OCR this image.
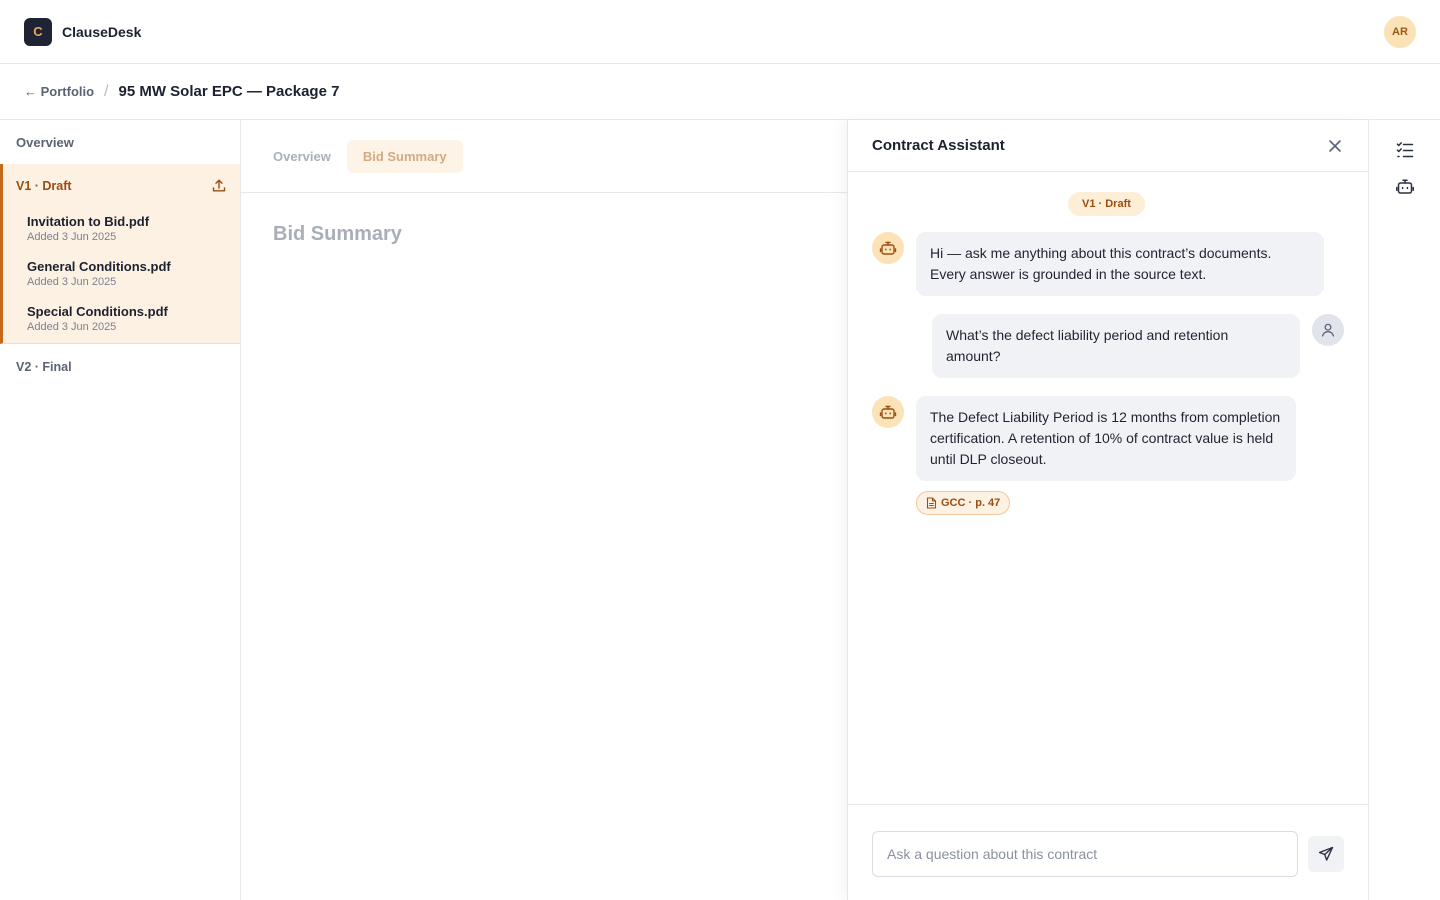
C ClauseDesk	AR
← Portfolio / 95 MW Solar EPC — Package 7
Overview
V1 · Draft
Invitation to Bid.pdf
Added 3 Jun 2025
General Conditions.pdf
Added 3 Jun 2025
Special Conditions.pdf
Added 3 Jun 2025
V2 · Final
Overview	Bid Summary
Bid Summary
Contract Assistant
V1 · Draft
Hi — ask me anything about this contract’s documents. Every answer is grounded in the source text.
What’s the defect liability period and retention amount?
The Defect Liability Period is 12 months from completion certification. A retention of 10% of contract value is held until DLP closeout.
GCC · p. 47
Ask a question about this contract
